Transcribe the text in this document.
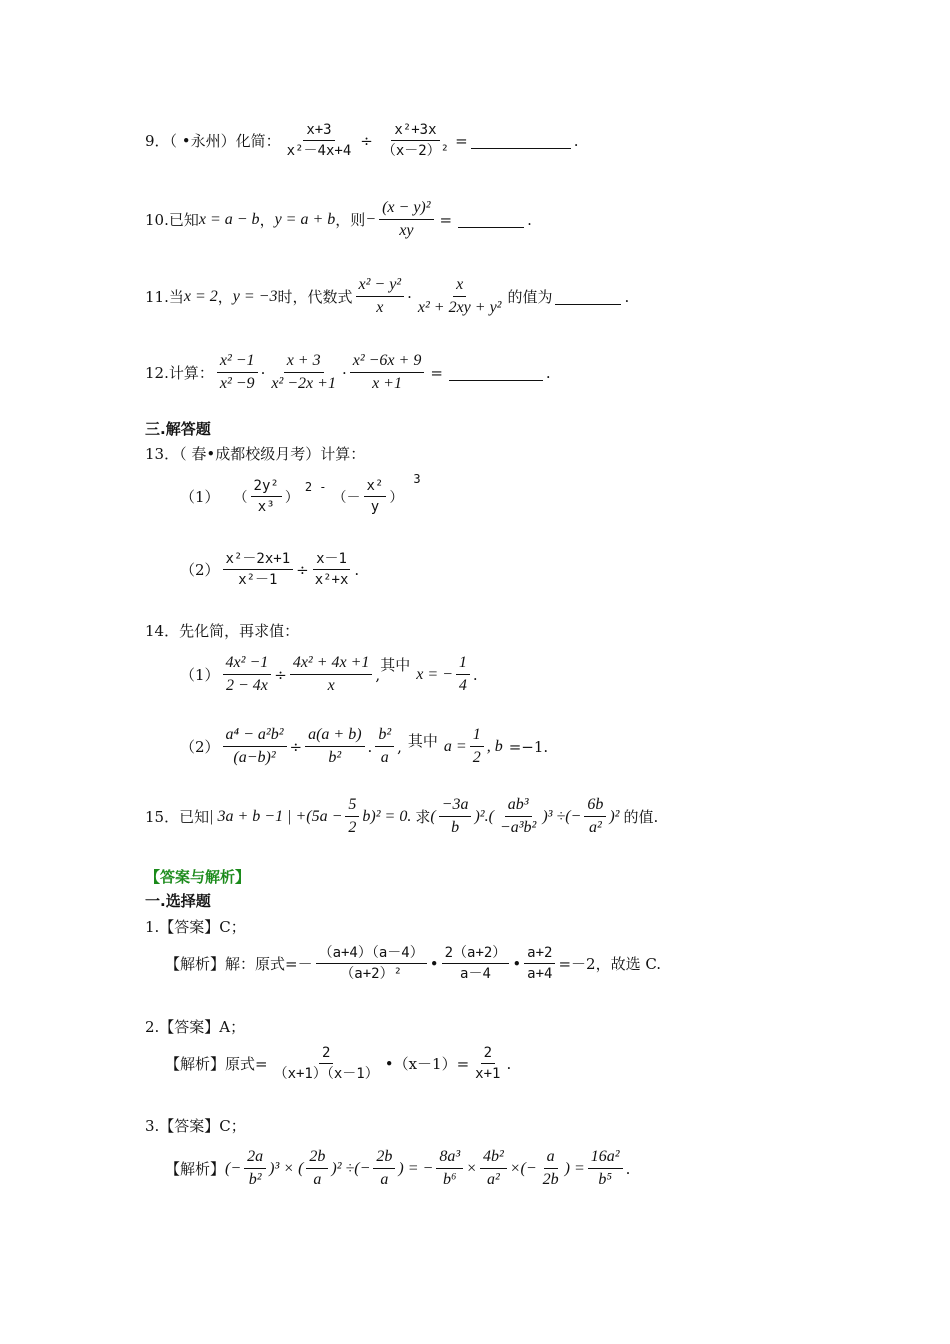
9．（ •永州）化简： $\frac{x+3}{\text{x²－4x+4}} \div \frac{\text{x²+3x}}{\text{（x－2）²}}$ =	.
10.已知 x = a − b ， y = a + b ，则 − $\frac{\text{(x − y)²}}{xy}$ =	.
11.当 x = 2 ， y = −3 时，代数式 $\frac{\text{x² − y²}}{x} \cdot \frac{x}{\text{x² + 2xy + y²}}$ 的值为	.
12.计算： $\frac{\text{x² −1}}{\text{x² −9}} \cdot \frac{x + 3}{\text{x² −2x +1}} \cdot \frac{\text{x² −6x + 9}}{x +1}$ =	.
三.解答题
13．（ 春•成都校级月考）计算：
（1） （ $\frac{\text{2y²}}{\text{x³}}$ ）
2 -
（－ $\frac{\text{x²}}{y}$ ）
3
$(2) \frac{\text{x²－2x+1}}{\text{x²－1}} \div \frac{x-1}{\text{x²+x}}$ .
14．先化简，再求值：
$(1) \frac{\text{4x² −1}}{2 - 4x} \div \frac{\text{4x² + 4x +1}}{x}$ ,
其中 x = − $\frac{1}{4}$ .
$(2) \frac{\text{a⁴ − a²b²}}{\text{(a−b)²}} \div \frac{a(a + b)}{\text{b²}}$ . $\frac{\text{b²}}{a}$ , 其中 $a = \frac{1}{2}$ , b =−1.
15．已知 | 3a + b −1 | $+(5a - \frac{5}{2} b)^2 = 0$. 求 ( $\frac{-3a}{b} )^2.( \frac{\text{ab³}}{\text{−a³b²}} )^3$ ÷(− $\frac{6b}{\text{a²}} )^2$ 的值.
【答案与解析】
一.选择题
1.【答案】C；
【解析】解：原式=－ $\frac{(a+4)(a-4)}{\text{（a+2）²}}$ • $\frac{2(a+2)}{a-4}$ • $\frac{a+2}{a+4} =-2$，故选 C.
2.【答案】A；
【解析】原式= $\frac{2}{(x+1)(x-1)}$ •（x－1）= $\frac{2}{x+1}$ .
3.【答案】C；
【解析】 (− $\frac{2a}{\text{b²}} )^3$ × ( $\frac{2b}{a} )^2$ ÷(− $\frac{2b}{a}$ ) = − $\frac{\text{8a³}}{\text{b⁶}} \times \frac{\text{4b²}}{\text{a²}}$ ×(− $\frac{a}{2b}$ ) = $\frac{\text{16a²}}{\text{b⁵}}$ .
